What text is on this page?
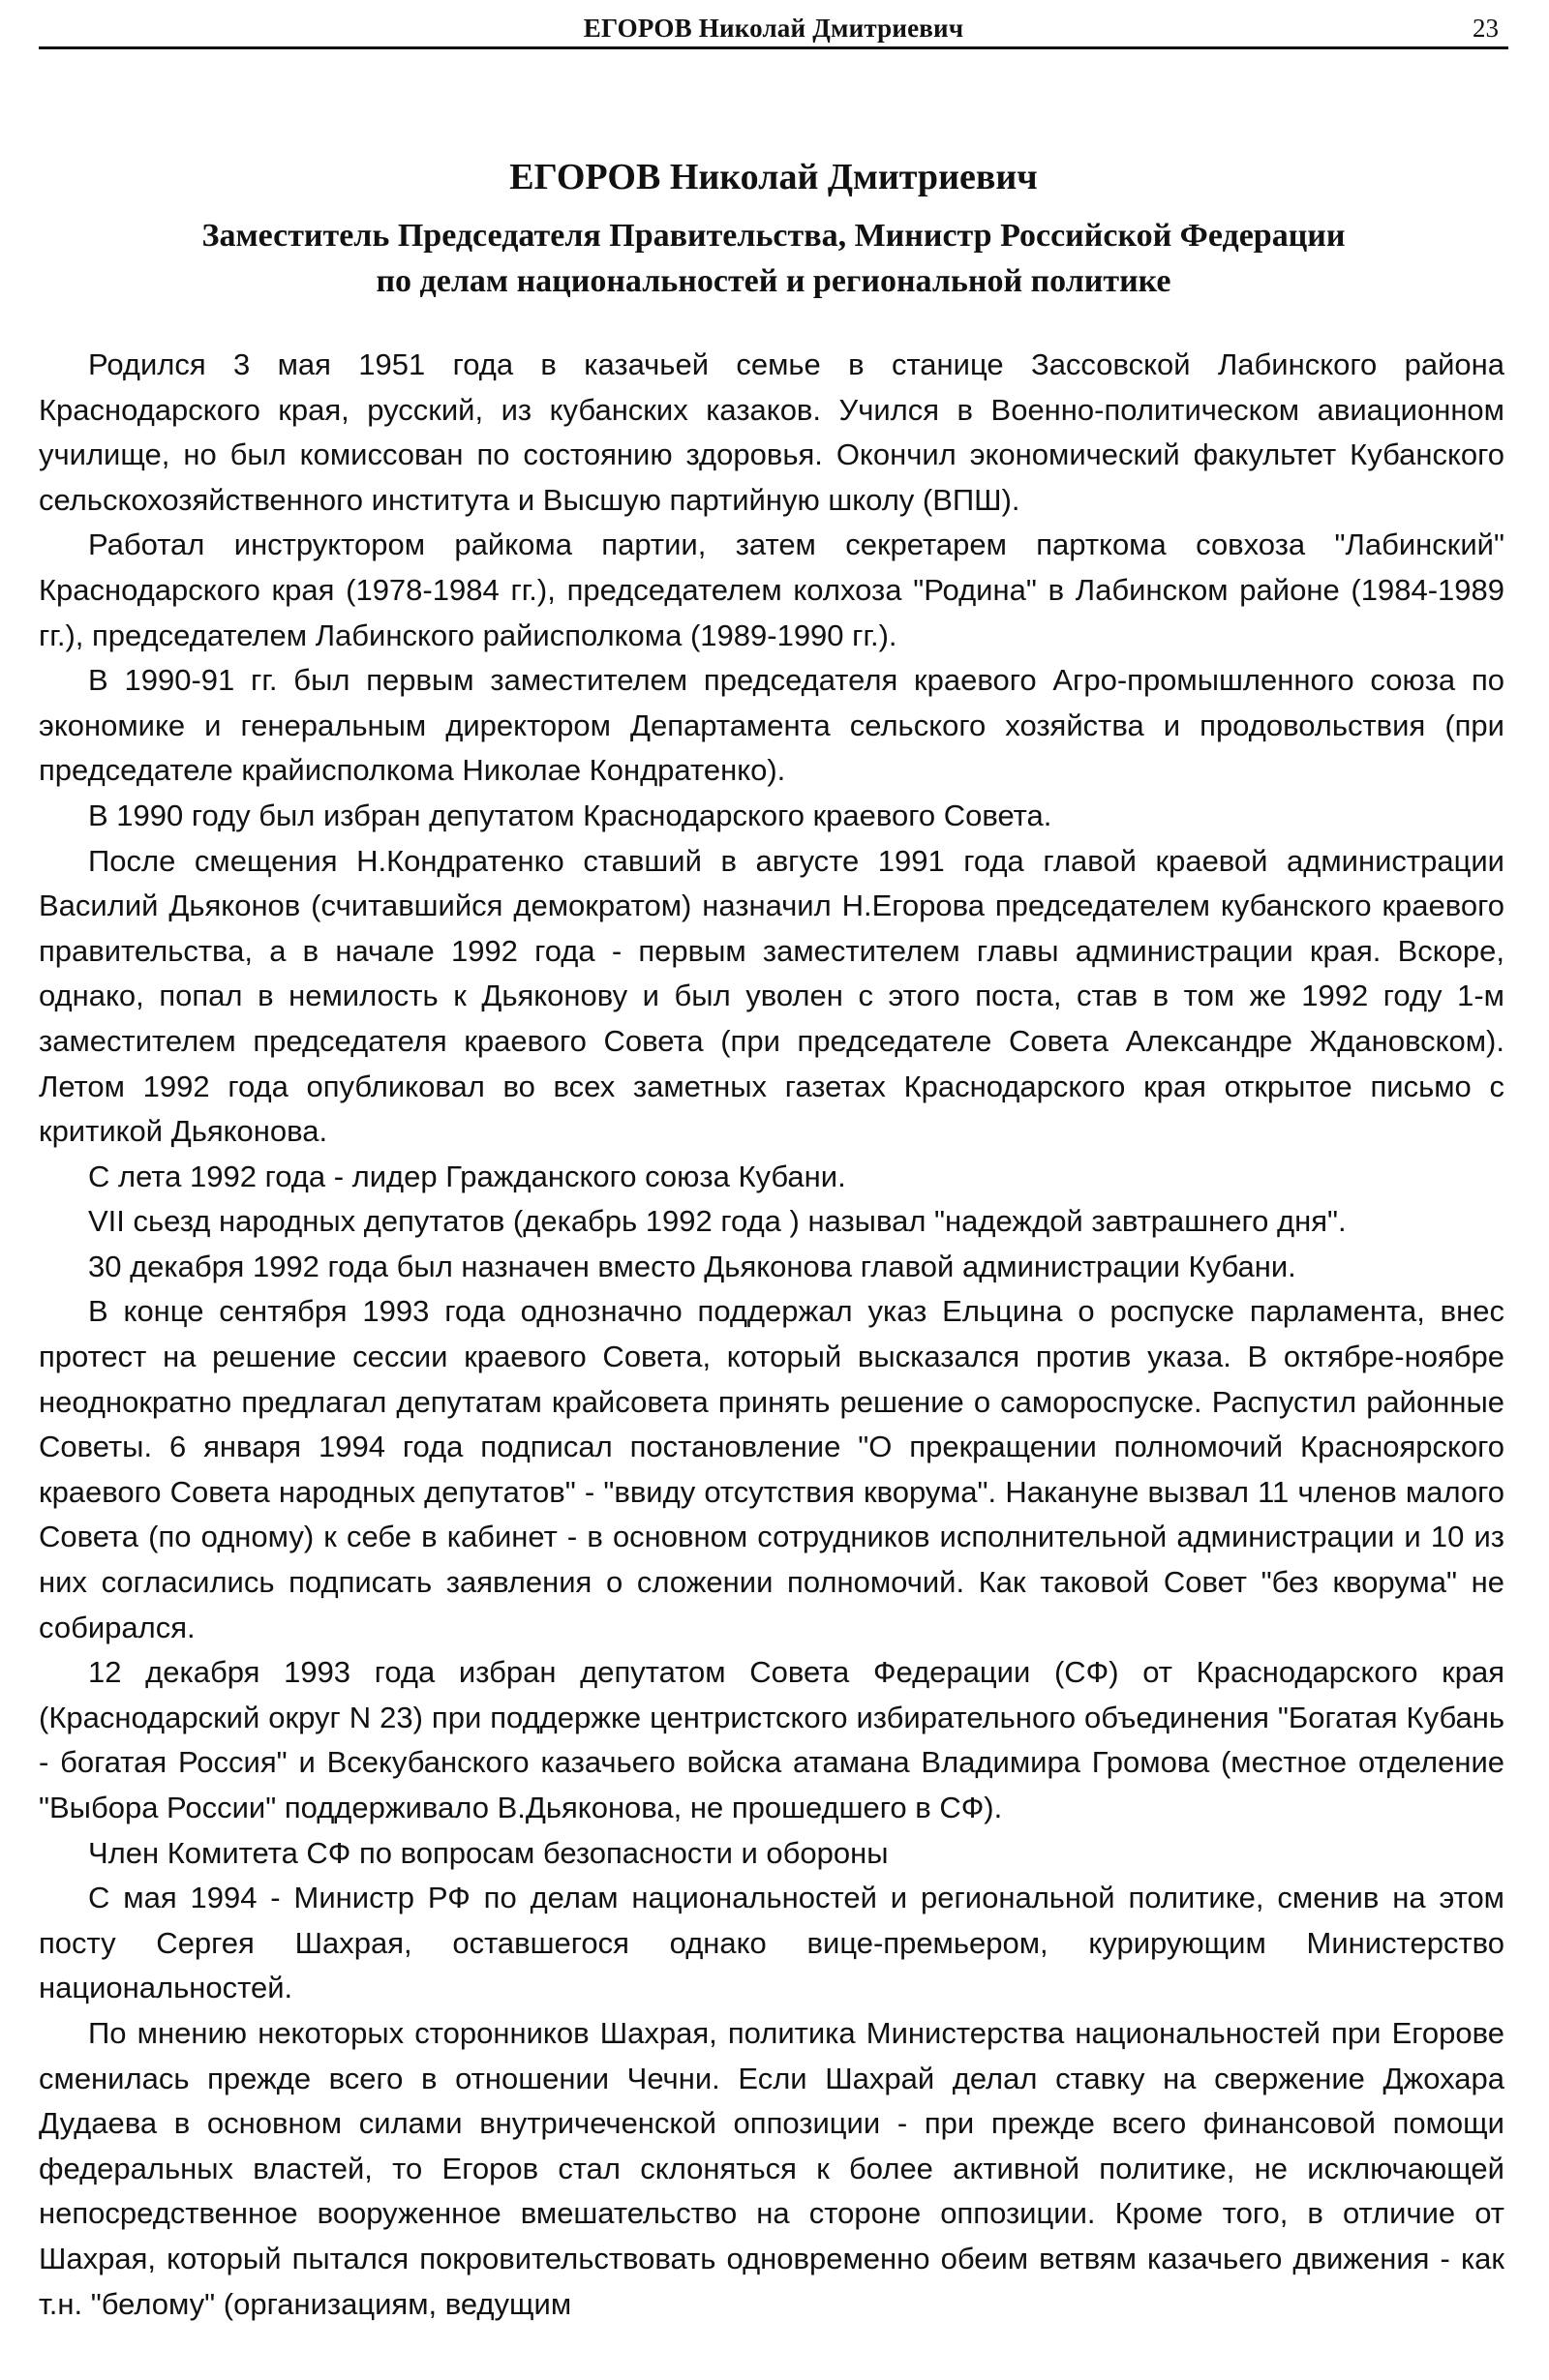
ЕГОРОВ Николай Дмитриевич	23
ЕГОРОВ Николай Дмитриевич
Заместитель Председателя Правительства, Министр Российской Федерации
по делам национальностей и региональной политике

Родился 3 мая 1951 года в казачьей семье в станице Зассовской Лабинского района Краснодарского края, русский, из кубанских казаков. Учился в Военно-политическом авиационном училище, но был комиссован по состоянию здоровья. Окончил экономический факультет Кубанского сельскохозяйственного института и Высшую партийную школу (ВПШ).

Работал инструктором райкома партии, затем секретарем парткома совхоза "Лабинский" Краснодарского края (1978-1984 гг.), председателем колхоза "Родина" в Лабинском районе (1984-1989 гг.), председателем Лабинского райисполкома (1989-1990 гг.).

В 1990-91 гг. был первым заместителем председателя краевого Агро-промышленного союза по экономике и генеральным директором Департамента сельского хозяйства и продовольствия (при председателе крайисполкома Николае Кондратенко).

В 1990 году был избран депутатом Краснодарского краевого Совета.

После смещения Н.Кондратенко ставший в августе 1991 года главой краевой администрации Василий Дьяконов (считавшийся демократом) назначил Н.Егорова председателем кубанского краевого правительства, а в начале 1992 года - первым заместителем главы администрации края. Вскоре, однако, попал в немилость к Дьяконову и был уволен с этого поста, став в том же 1992 году 1-м заместителем председателя краевого Совета (при председателе Совета Александре Ждановском). Летом 1992 года опубликовал во всех заметных газетах Краснодарского края открытое письмо с критикой Дьяконова.

С лета 1992 года - лидер Гражданского союза Кубани.

VII сьезд народных депутатов (декабрь 1992 года ) называл "надеждой завтрашнего дня".

30 декабря 1992 года был назначен вместо Дьяконова главой администрации Кубани.

В конце сентября 1993 года однозначно поддержал указ Ельцина о роспуске парламента, внес протест на решение сессии краевого Совета, который высказался против указа. В октябре-ноябре неоднократно предлагал депутатам крайсовета принять решение о самороспуске. Распустил районные Советы. 6 января 1994 года подписал постановление "О прекращении полномочий Красноярского краевого Совета народных депутатов" - "ввиду отсутствия кворума". Накануне вызвал 11 членов малого Совета (по одному) к себе в кабинет - в основном сотрудников исполнительной администрации и 10 из них согласились подписать заявления о сложении полномочий. Как таковой Совет "без кворума" не собирался.

12 декабря 1993 года избран депутатом Совета Федерации (СФ) от Краснодарского края (Краснодарский округ N 23) при поддержке центристского избирательного объединения "Богатая Кубань - богатая Россия" и Всекубанского казачьего войска атамана Владимира Громова (местное отделение "Выбора России" поддерживало В.Дьяконова, не прошедшего в СФ).

Член Комитета СФ по вопросам безопасности и обороны

С мая 1994 - Министр РФ по делам национальностей и региональной политике, сменив на этом посту Сергея Шахрая, оставшегося однако вице-премьером, курирующим Министерство национальностей.

По мнению некоторых сторонников Шахрая, политика Министерства национальностей при Егорове сменилась прежде всего в отношении Чечни. Если Шахрай делал ставку на свержение Джохара Дудаева в основном силами внутричеченской оппозиции - при прежде всего финансовой помощи федеральных властей, то Егоров стал склоняться к более активной политике, не исключающей непосредственное вооруженное вмешательство на стороне оппозиции. Кроме того, в отличие от Шахрая, который пытался покровительствовать одновременно обеим ветвям казачьего движения - как т.н. "белому" (организациям, ведущим
